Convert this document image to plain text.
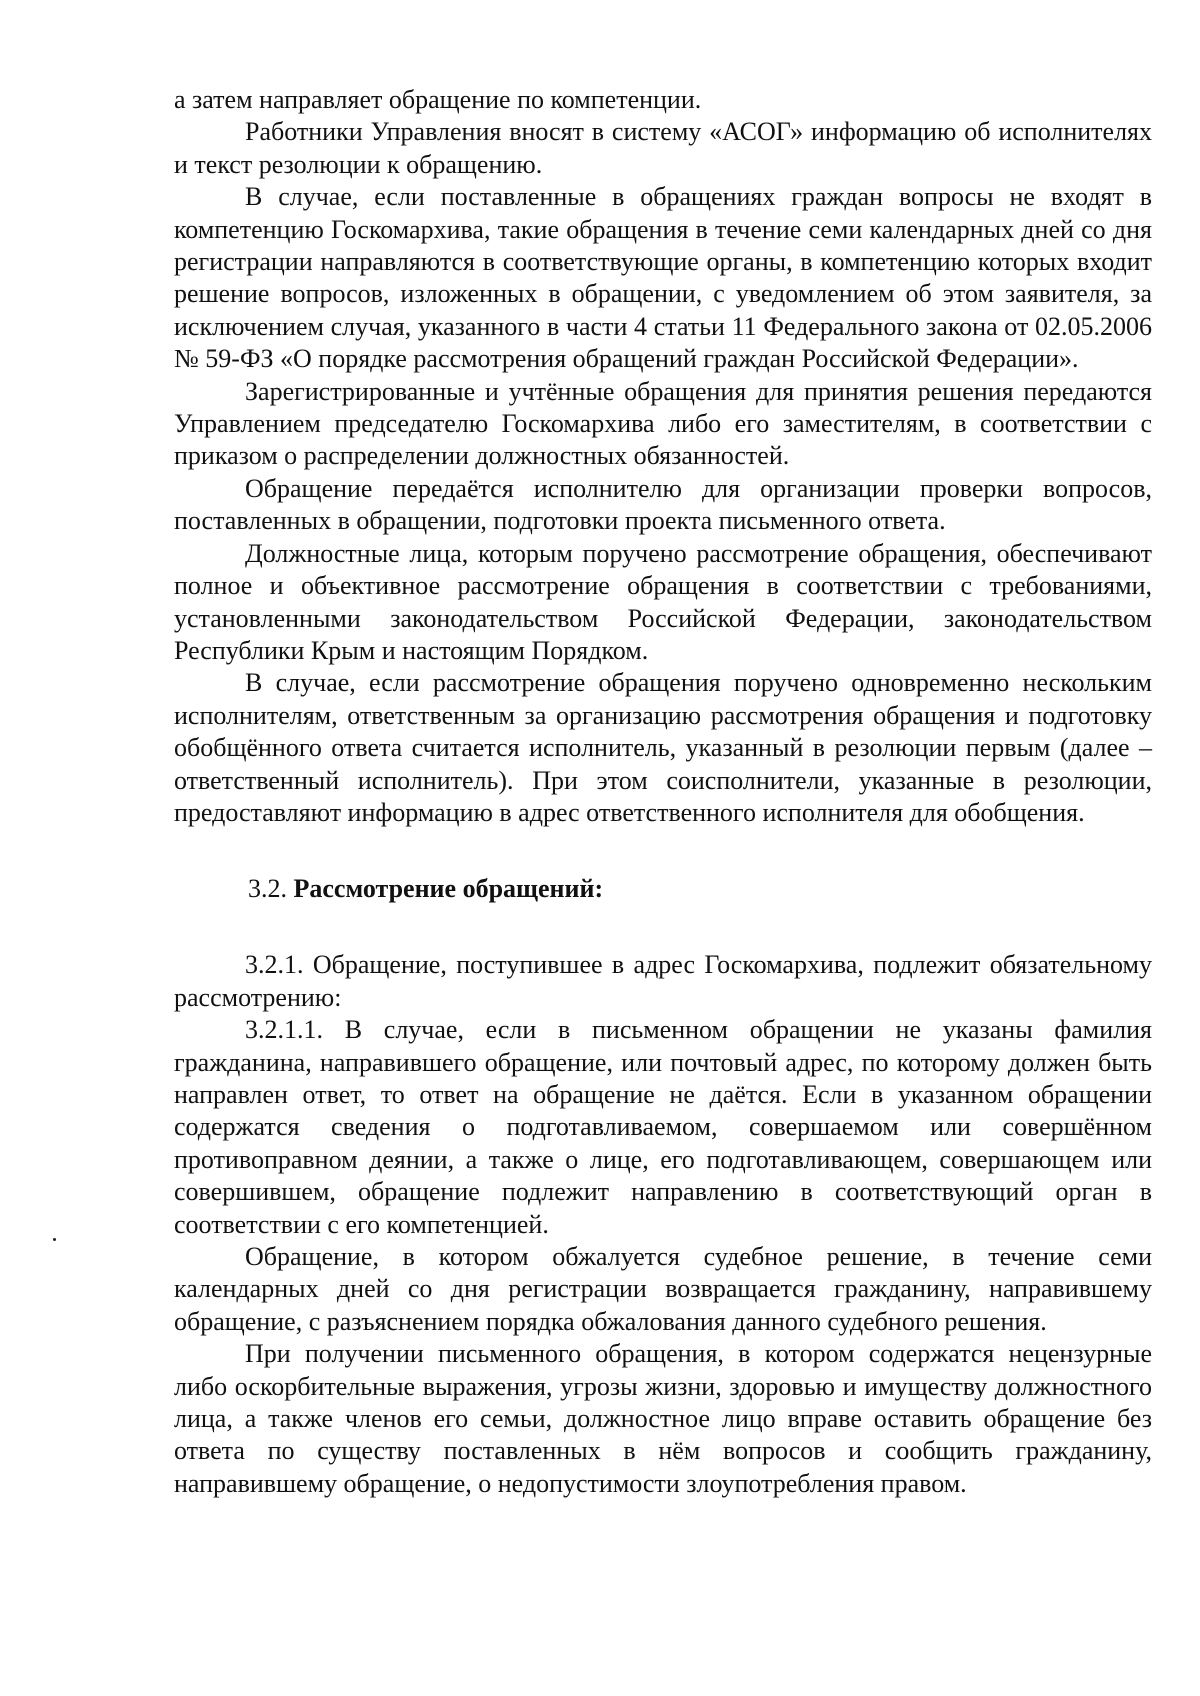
а затем направляет обращение по компетенции.

Работники Управления вносят в систему «АСОГ» информацию об исполнителях и текст резолюции к обращению.

В случае, если поставленные в обращениях граждан вопросы не входят в компетенцию Госкомархива, такие обращения в течение семи календарных дней со дня регистрации направляются в соответствующие органы, в компетенцию которых входит решение вопросов, изложенных в обращении, с уведомлением об этом заявителя, за исключением случая, указанного в части 4 статьи 11 Федерального закона от 02.05.2006 № 59-ФЗ «О порядке рассмотрения обращений граждан Российской Федерации».

Зарегистрированные и учтённые обращения для принятия решения передаются Управлением председателю Госкомархива либо его заместителям, в соответствии с приказом о распределении должностных обязанностей.

Обращение передаётся исполнителю для организации проверки вопросов, поставленных в обращении, подготовки проекта письменного ответа.

Должностные лица, которым поручено рассмотрение обращения, обеспечивают полное и объективное рассмотрение обращения в соответствии с требованиями, установленными законодательством Российской Федерации, законодательством Республики Крым и настоящим Порядком.

В случае, если рассмотрение обращения поручено одновременно нескольким исполнителям, ответственным за организацию рассмотрения обращения и подготовку обобщённого ответа считается исполнитель, указанный в резолюции первым (далее – ответственный исполнитель). При этом соисполнители, указанные в резолюции, предоставляют информацию в адрес ответственного исполнителя для обобщения.

3.2. Рассмотрение обращений:

3.2.1. Обращение, поступившее в адрес Госкомархива, подлежит обязательному рассмотрению:

3.2.1.1. В случае, если в письменном обращении не указаны фамилия гражданина, направившего обращение, или почтовый адрес, по которому должен быть направлен ответ, то ответ на обращение не даётся. Если в указанном обращении содержатся сведения о подготавливаемом, совершаемом или совершённом противоправном деянии, а также о лице, его подготавливающем, совершающем или совершившем, обращение подлежит направлению в соответствующий орган в соответствии с его компетенцией.

Обращение, в котором обжалуется судебное решение, в течение семи календарных дней со дня регистрации возвращается гражданину, направившему обращение, с разъяснением порядка обжалования данного судебного решения.

При получении письменного обращения, в котором содержатся нецензурные либо оскорбительные выражения, угрозы жизни, здоровью и имуществу должностного лица, а также членов его семьи, должностное лицо вправе оставить обращение без ответа по существу поставленных в нём вопросов и сообщить гражданину, направившему обращение, о недопустимости злоупотребления правом.
